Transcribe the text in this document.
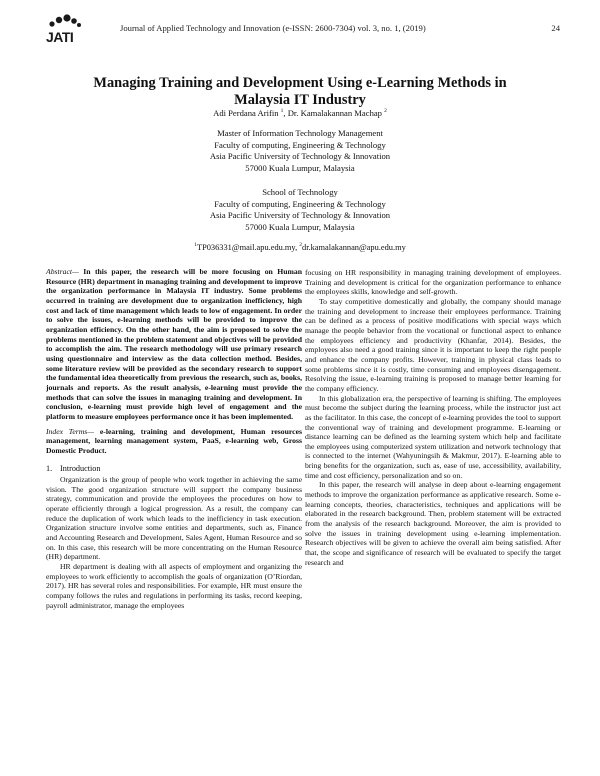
JATI
Journal of Applied Technology and Innovation (e-ISSN: 2600-7304) vol. 3, no. 1, (2019)	24
Managing Training and Development Using e-Learning Methods in
Malaysia IT Industry
Adi Perdana Arifin $^1$, Dr. Kamalakannan Machap $^2$
Master of Information Technology Management
Faculty of computing, Engineering & Technology
Asia Pacific University of Technology & Innovation
57000 Kuala Lumpur, Malaysia
School of Technology
Faculty of computing, Engineering & Technology
Asia Pacific University of Technology & Innovation
57000 Kuala Lumpur, Malaysia
$^1$TP036331@mail.apu.edu.my, $^2$dr.kamalakannan@apu.edu.my

Abstract— In this paper, the research will be more focusing on Human Resource (HR) department in managing training and development to improve the organization performance in Malaysia IT industry. Some problems occurred in training are development due to organization inefficiency, high cost and lack of time management which leads to low of engagement. In order to solve the issues, e-learning methods will be provided to improve the organization efficiency. On the other hand, the aim is proposed to solve the problems mentioned in the problem statement and objectives will be provided to accomplish the aim. The research methodology will use primary research using questionnaire and interview as the data collection method. Besides, some literature review will be provided as the secondary research to support the fundamental idea theoretically from previous the research, such as, books, journals and reports. As the result analysis, e-learning must provide the methods that can solve the issues in managing training and development. In conclusion, e-learning must provide high level of engagement and the platform to measure employees performance once it has been implemented.

Index Terms— e-learning, training and development, Human resources management, learning management system, PaaS, e-learning web, Gross Domestic Product.

1. Introduction

Organization is the group of people who work together in achieving the same vision. The good organization structure will support the company business strategy, communication and provide the employees the procedures on how to operate efficiently through a logical progression. As a result, the company can reduce the duplication of work which leads to the inefficiency in task execution. Organization structure involve some entities and departments, such as, Finance and Accounting Research and Development, Sales Agent, Human Resource and so on. In this case, this research will be more concentrating on the Human Resource (HR) department.

HR department is dealing with all aspects of employment and organizing the employees to work efficiently to accomplish the goals of organization (O’Riordan, 2017). HR has several roles and responsibilities. For example, HR must ensure the company follows the rules and regulations in performing its tasks, record keeping, payroll administrator, manage the employees

focusing on HR responsibility in managing training development of employees. Training and development is critical for the organization performance to enhance the employees skills, knowledge and self-growth.

To stay competitive domestically and globally, the company should manage the training and development to increase their employees performance. Training can be defined as a process of positive modifications with special ways which manage the people behavior from the vocational or functional aspect to enhance the employees efficiency and productivity (Khanfar, 2014). Besides, the employees also need a good training since it is important to keep the right people and enhance the company profits. However, training in physical class leads to some problems since it is costly, time consuming and employees disengagement. Resolving the issue, e-learning training is proposed to manage better learning for the company efficiency.

In this globalization era, the perspective of learning is shifting. The employees must become the subject during the learning process, while the instructor just act as the facilitator. In this case, the concept of e-learning provides the tool to support the conventional way of training and development programme. E-learning or distance learning can be defined as the learning system which help and facilitate the employees using computerized system utilization and network technology that is connected to the internet (Wahyuningsih & Makmur, 2017). E-learning able to bring benefits for the organization, such as, ease of use, accessibility, availability, time and cost efficiency, personalization and so on.

In this paper, the research will analyse in deep about e-learning engagement methods to improve the organization performance as applicative research. Some e-learning concepts, theories, characteristics, techniques and applications will be elaborated in the research background. Then, problem statement will be extracted from the analysis of the research background. Moreover, the aim is provided to solve the issues in training development using e-learning implementation. Research objectives will be given to achieve the overall aim being satisfied. After that, the scope and significance of research will be evaluated to specify the target research and
